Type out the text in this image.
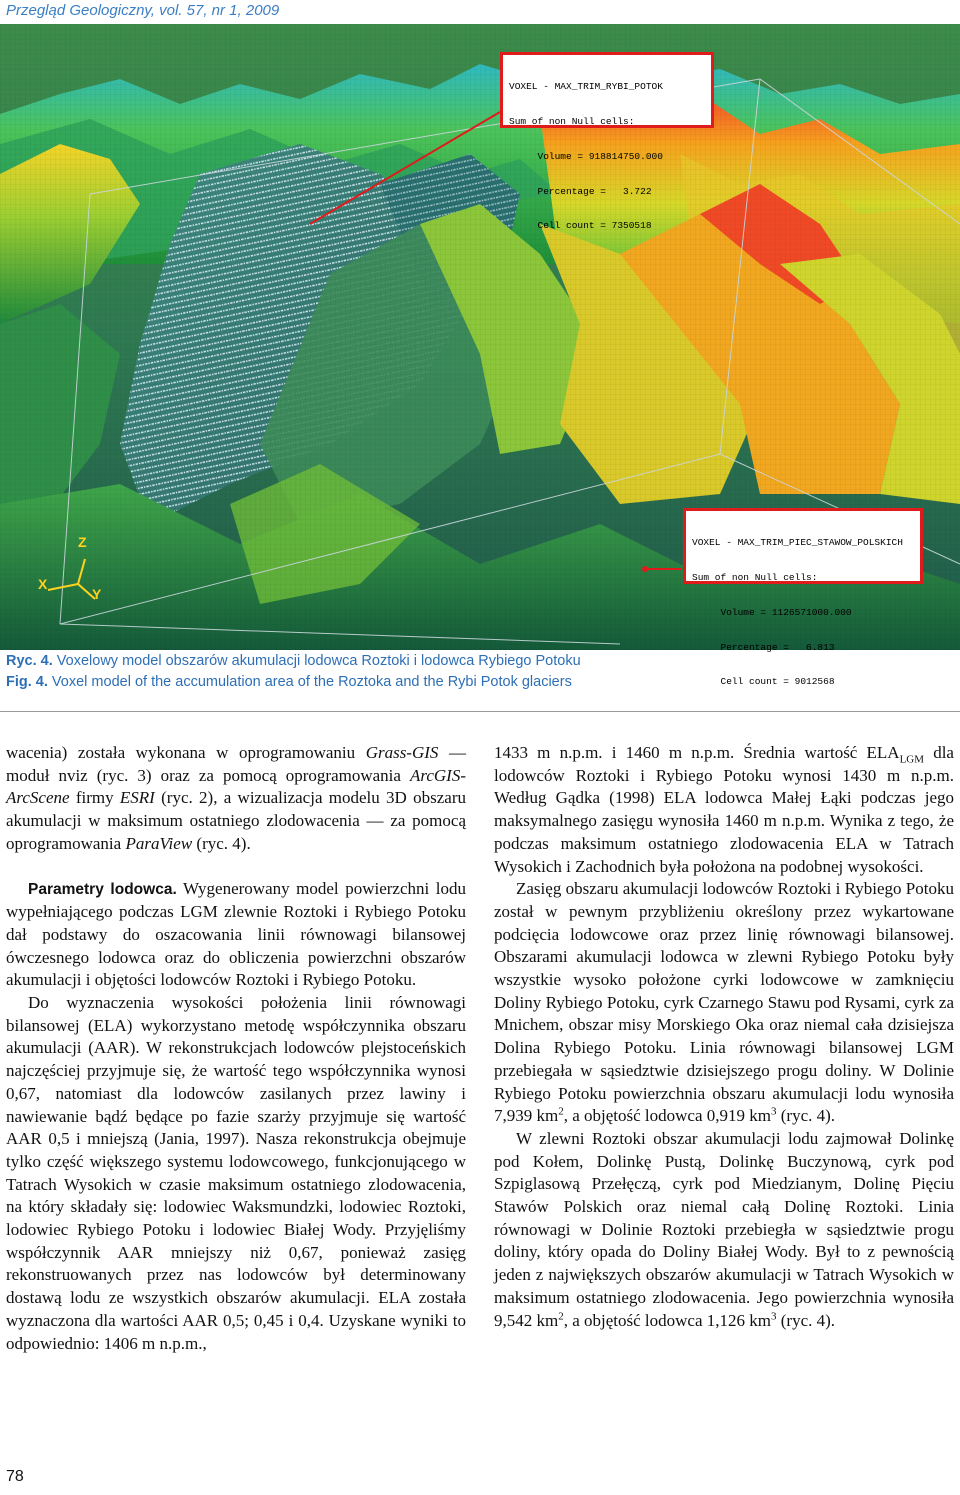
Przegląd Geologiczny, vol. 57, nr 1, 2009

VOXEL - MAX_TRIM_RYBI_POTOK

Sum of non Null cells:

Volume = 918814750.000

Percentage =   3.722

Cell count = 7350518

VOXEL - MAX_TRIM_PIEC_STAWOW_POLSKICH

Sum of non Null cells:

Volume = 1126571000.000

Percentage =   6.813

Cell count = 9012568

Z
X
Y
Ryc. 4. Voxelowy model obszarów akumulacji lodowca Roztoki i lodowca Rybiego Potoku
Fig. 4. Voxel model of the accumulation area of the Roztoka and the Rybi Potok glaciers

wacenia) została wykonana w oprogramowaniu Grass-GIS — moduł nviz (ryc. 3) oraz za pomocą oprogramowania ArcGIS-ArcScene firmy ESRI (ryc. 2), a wizualizacja modelu 3D obszaru akumulacji w maksimum ostatniego zlodowacenia — za pomocą oprogramowania ParaView (ryc. 4).

Parametry lodowca. Wygenerowany model powierzchni lodu wypełniającego podczas LGM zlewnie Roztoki i Rybiego Potoku dał podstawy do oszacowania linii równowagi bilansowej ówczesnego lodowca oraz do obliczenia powierzchni obszarów akumulacji i objętości lodowców Roztoki i Rybiego Potoku.

Do wyznaczenia wysokości położenia linii równowagi bilansowej (ELA) wykorzystano metodę współczynnika obszaru akumulacji (AAR). W rekonstrukcjach lodowców plejstoceńskich najczęściej przyjmuje się, że wartość tego współczynnika wynosi 0,67, natomiast dla lodowców zasilanych przez lawiny i nawiewanie bądź będące po fazie szarży przyjmuje się wartość AAR 0,5 i mniejszą (Jania, 1997). Nasza rekonstrukcja obejmuje tylko część większego systemu lodowcowego, funkcjonującego w Tatrach Wysokich w czasie maksimum ostatniego zlodowacenia, na który składały się: lodowiec Waksmundzki, lodowiec Roztoki, lodowiec Rybiego Potoku i lodowiec Białej Wody. Przyjęliśmy współczynnik AAR mniejszy niż 0,67, ponieważ zasięg rekonstruowanych przez nas lodowców był determinowany dostawą lodu ze wszystkich obszarów akumulacji. ELA została wyznaczona dla wartości AAR 0,5; 0,45 i 0,4. Uzyskane wyniki to odpowiednio: 1406 m n.p.m.,

1433 m n.p.m. i 1460 m n.p.m. Średnia wartość $ELA_{LGM}$ dla lodowców Roztoki i Rybiego Potoku wynosi 1430 m n.p.m. Według Gądka (1998) ELA lodowca Małej Łąki podczas jego maksymalnego zasięgu wynosiła 1460 m n.p.m. Wynika z tego, że podczas maksimum ostatniego zlodowacenia ELA w Tatrach Wysokich i Zachodnich była położona na podobnej wysokości.

Zasięg obszaru akumulacji lodowców Roztoki i Rybiego Potoku został w pewnym przybliżeniu określony przez wykartowane podcięcia lodowcowe oraz przez linię równowagi bilansowej. Obszarami akumulacji lodowca w zlewni Rybiego Potoku były wszystkie wysoko położone cyrki lodowcowe w zamknięciu Doliny Rybiego Potoku, cyrk Czarnego Stawu pod Rysami, cyrk za Mnichem, obszar misy Morskiego Oka oraz niemal cała dzisiejsza Dolina Rybiego Potoku. Linia równowagi bilansowej LGM przebiegała w sąsiedztwie dzisiejszego progu doliny. W Dolinie Rybiego Potoku powierzchnia obszaru akumulacji lodu wynosiła 7,939 $km^2$, a objętość lodowca 0,919 $km^3$ (ryc. 4).

W zlewni Roztoki obszar akumulacji lodu zajmował Dolinkę pod Kołem, Dolinkę Pustą, Dolinkę Buczynową, cyrk pod Szpiglasową Przełęczą, cyrk pod Miedzianym, Dolinę Pięciu Stawów Polskich oraz niemal całą Dolinę Roztoki. Linia równowagi w Dolinie Roztoki przebiegła w sąsiedztwie progu doliny, który opada do Doliny Białej Wody. Był to z pewnością jeden z największych obszarów akumulacji w Tatrach Wysokich w maksimum ostatniego zlodowacenia. Jego powierzchnia wynosiła 9,542 $km^2$, a objętość lodowca 1,126 $km^3$ (ryc. 4).

78
